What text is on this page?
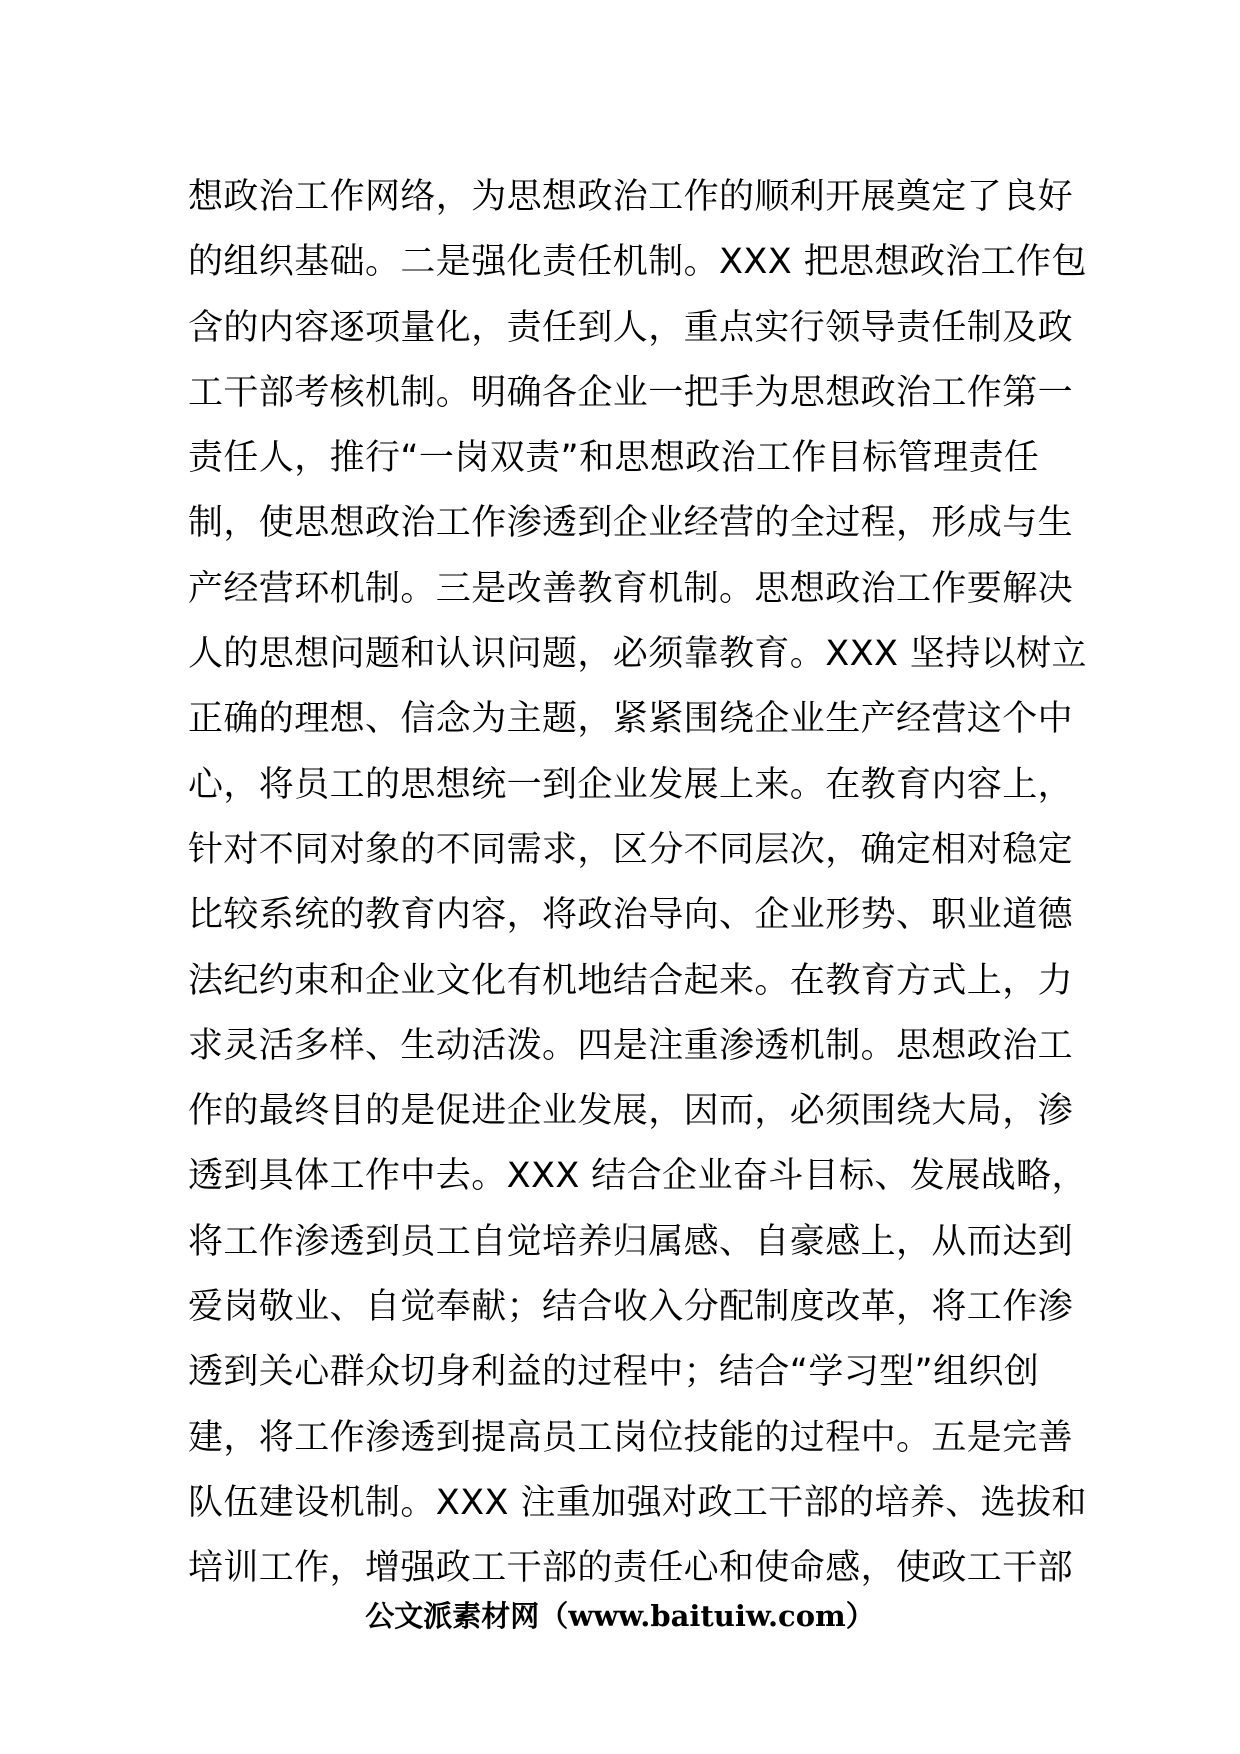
想政治工作网络，为思想政治工作的顺利开展奠定了良好
的组织基础。二是强化责任机制。XXX 把思想政治工作包
含的内容逐项量化，责任到人，重点实行领导责任制及政
工干部考核机制。明确各企业一把手为思想政治工作第一
责任人，推行“一岗双责”和思想政治工作目标管理责任
制，使思想政治工作渗透到企业经营的全过程，形成与生
产经营环机制。三是改善教育机制。思想政治工作要解决
人的思想问题和认识问题，必须靠教育。XXX 坚持以树立
正确的理想、信念为主题，紧紧围绕企业生产经营这个中
心，将员工的思想统一到企业发展上来。在教育内容上，
针对不同对象的不同需求，区分不同层次，确定相对稳定
比较系统的教育内容，将政治导向、企业形势、职业道德
法纪约束和企业文化有机地结合起来。在教育方式上，力
求灵活多样、生动活泼。四是注重渗透机制。思想政治工
作的最终目的是促进企业发展，因而，必须围绕大局，渗
透到具体工作中去。XXX 结合企业奋斗目标、发展战略，
将工作渗透到员工自觉培养归属感、自豪感上，从而达到
爱岗敬业、自觉奉献；结合收入分配制度改革，将工作渗
透到关心群众切身利益的过程中；结合“学习型”组织创
建，将工作渗透到提高员工岗位技能的过程中。五是完善
队伍建设机制。XXX 注重加强对政工干部的培养、选拔和
培训工作，增强政工干部的责任心和使命感，使政工干部
公文派素材网（www.baituiw.com）
